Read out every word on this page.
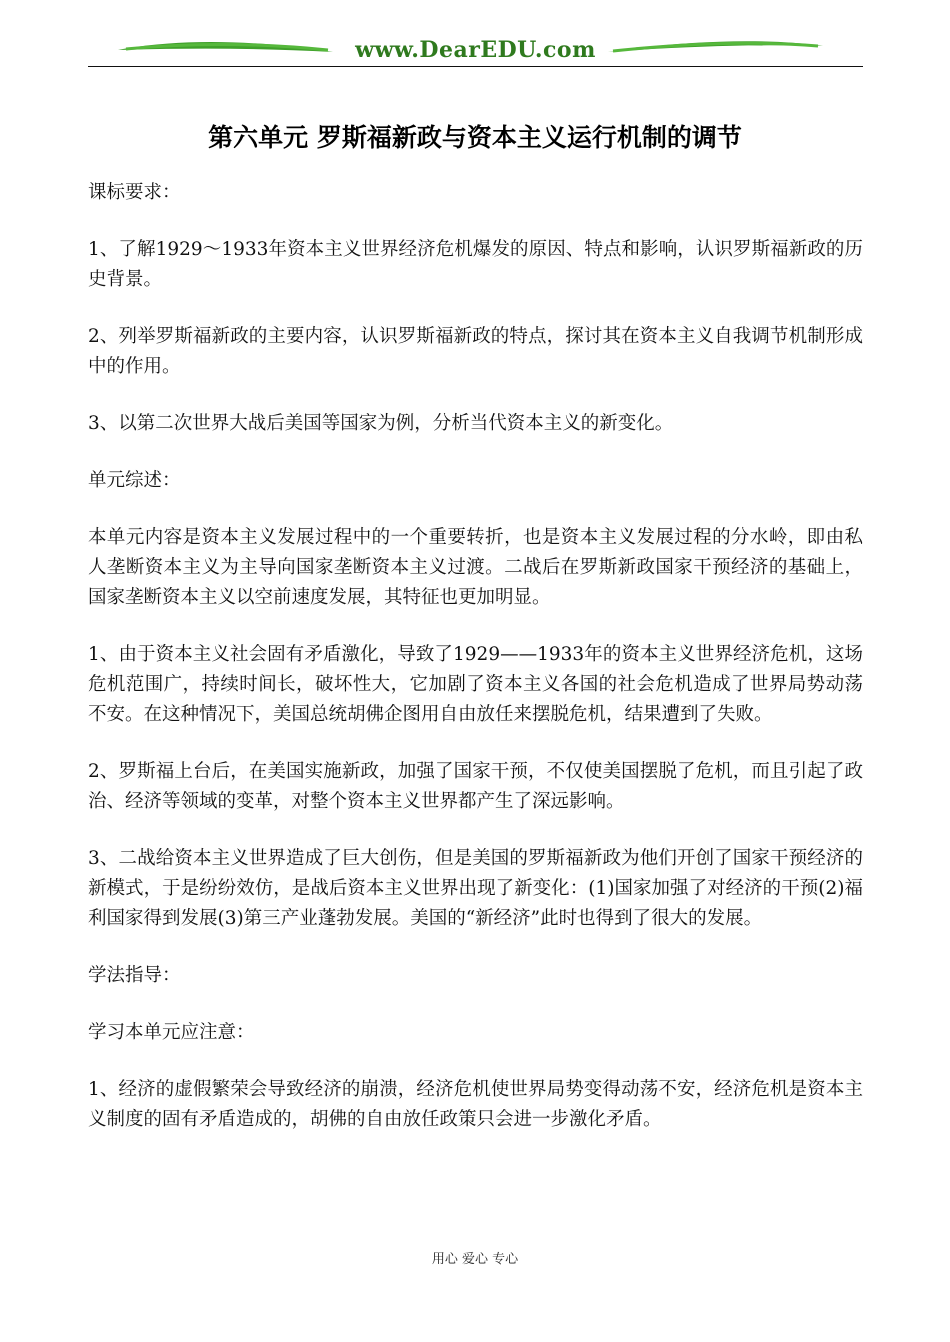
www.DearEDU.com
第六单元 罗斯福新政与资本主义运行机制的调节

课标要求：

1、了解1929～1933年资本主义世界经济危机爆发的原因、特点和影响，认识罗斯福新政的历史背景。

2、列举罗斯福新政的主要内容，认识罗斯福新政的特点，探讨其在资本主义自我调节机制形成中的作用。

3、以第二次世界大战后美国等国家为例，分析当代资本主义的新变化。

单元综述：

本单元内容是资本主义发展过程中的一个重要转折，也是资本主义发展过程的分水岭，即由私人垄断资本主义为主导向国家垄断资本主义过渡。二战后在罗斯新政国家干预经济的基础上，国家垄断资本主义以空前速度发展，其特征也更加明显。

1、由于资本主义社会固有矛盾激化，导致了1929——1933年的资本主义世界经济危机，这场危机范围广，持续时间长，破坏性大，它加剧了资本主义各国的社会危机造成了世界局势动荡不安。在这种情况下，美国总统胡佛企图用自由放任来摆脱危机，结果遭到了失败。

2、罗斯福上台后，在美国实施新政，加强了国家干预，不仅使美国摆脱了危机，而且引起了政治、经济等领域的变革，对整个资本主义世界都产生了深远影响。

3、二战给资本主义世界造成了巨大创伤，但是美国的罗斯福新政为他们开创了国家干预经济的新模式，于是纷纷效仿，是战后资本主义世界出现了新变化：(1)国家加强了对经济的干预(2)福利国家得到发展(3)第三产业蓬勃发展。美国的“新经济”此时也得到了很大的发展。

学法指导：

学习本单元应注意：

1、经济的虚假繁荣会导致经济的崩溃，经济危机使世界局势变得动荡不安，经济危机是资本主义制度的固有矛盾造成的，胡佛的自由放任政策只会进一步激化矛盾。

用心 爱心 专心
